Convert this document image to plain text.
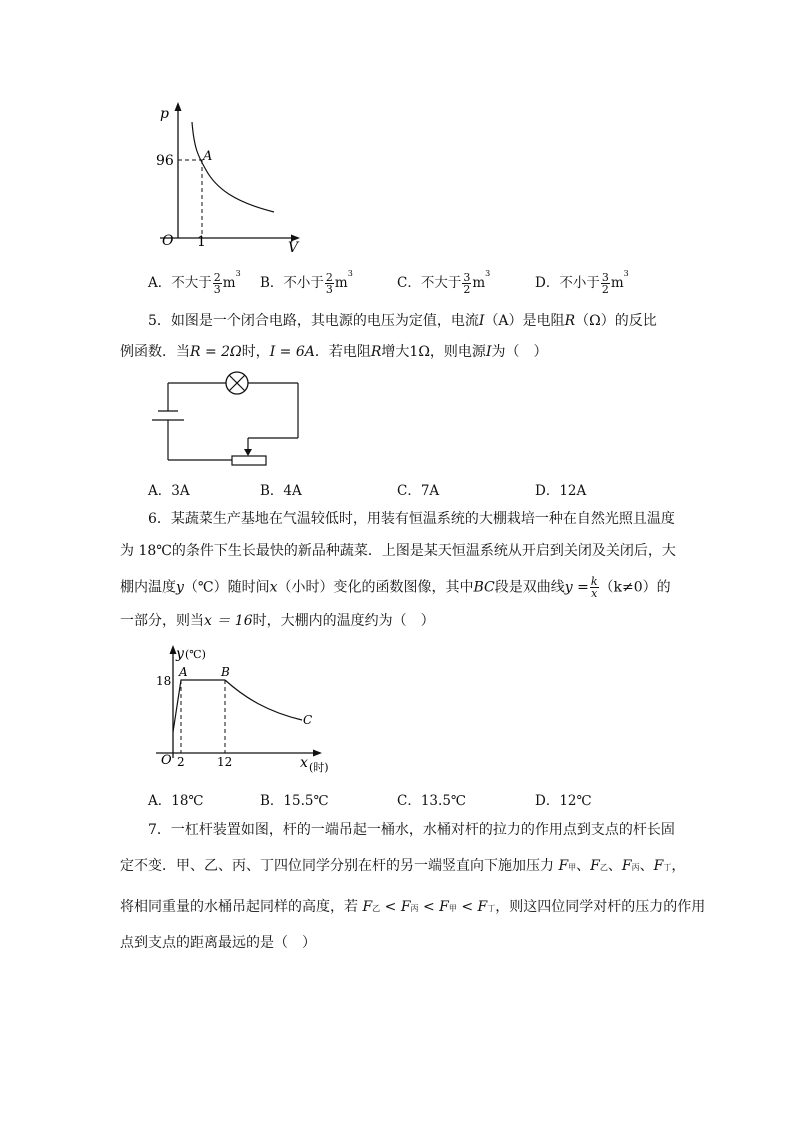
p
V
O
96
1
A
A．不大于 $\frac{2}{3} m^3$
B．不小于 $\frac{2}{3} m^3$
C．不大于 $\frac{3}{2} m^3$
D．不小于 $\frac{3}{2} m^3$
5．如图是一个闭合电路，其电源的电压为定值，电流I（A）是电阻R（Ω）的反比
例函数．当R = 2Ω时，I = 6A．若电阻R增大1Ω，则电源I为（　）
A．3A	B．4A	C．7A	D．12A
6．某蔬菜生产基地在气温较低时，用装有恒温系统的大棚栽培一种在自然光照且温度
为 18℃的条件下生长最快的新品种蔬菜．上图是某天恒温系统从开启到关闭及关闭后，大
棚内温度y（℃）随时间x（小时）变化的函数图像，其中BC段是双曲线$y = \frac{k}{x} (k\ne 0)$的
一部分，则当x ＝ 16时，大棚内的温度约为（　）
y (℃)
x (时)
O
18
2	12
A	B
C
A．18℃	B．15.5℃	C．13.5℃	D．12℃
7．一杠杆装置如图，杆的一端吊起一桶水，水桶对杆的拉力的作用点到支点的杆长固
定不变．甲、乙、丙、丁四位同学分别在杆的另一端竖直向下施加压力 F甲、F乙、F丙、F丁，
将相同重量的水桶吊起同样的高度，若 F乙 < F丙 < F甲 < F丁，则这四位同学对杆的压力的作用
点到支点的距离最远的是（　）
